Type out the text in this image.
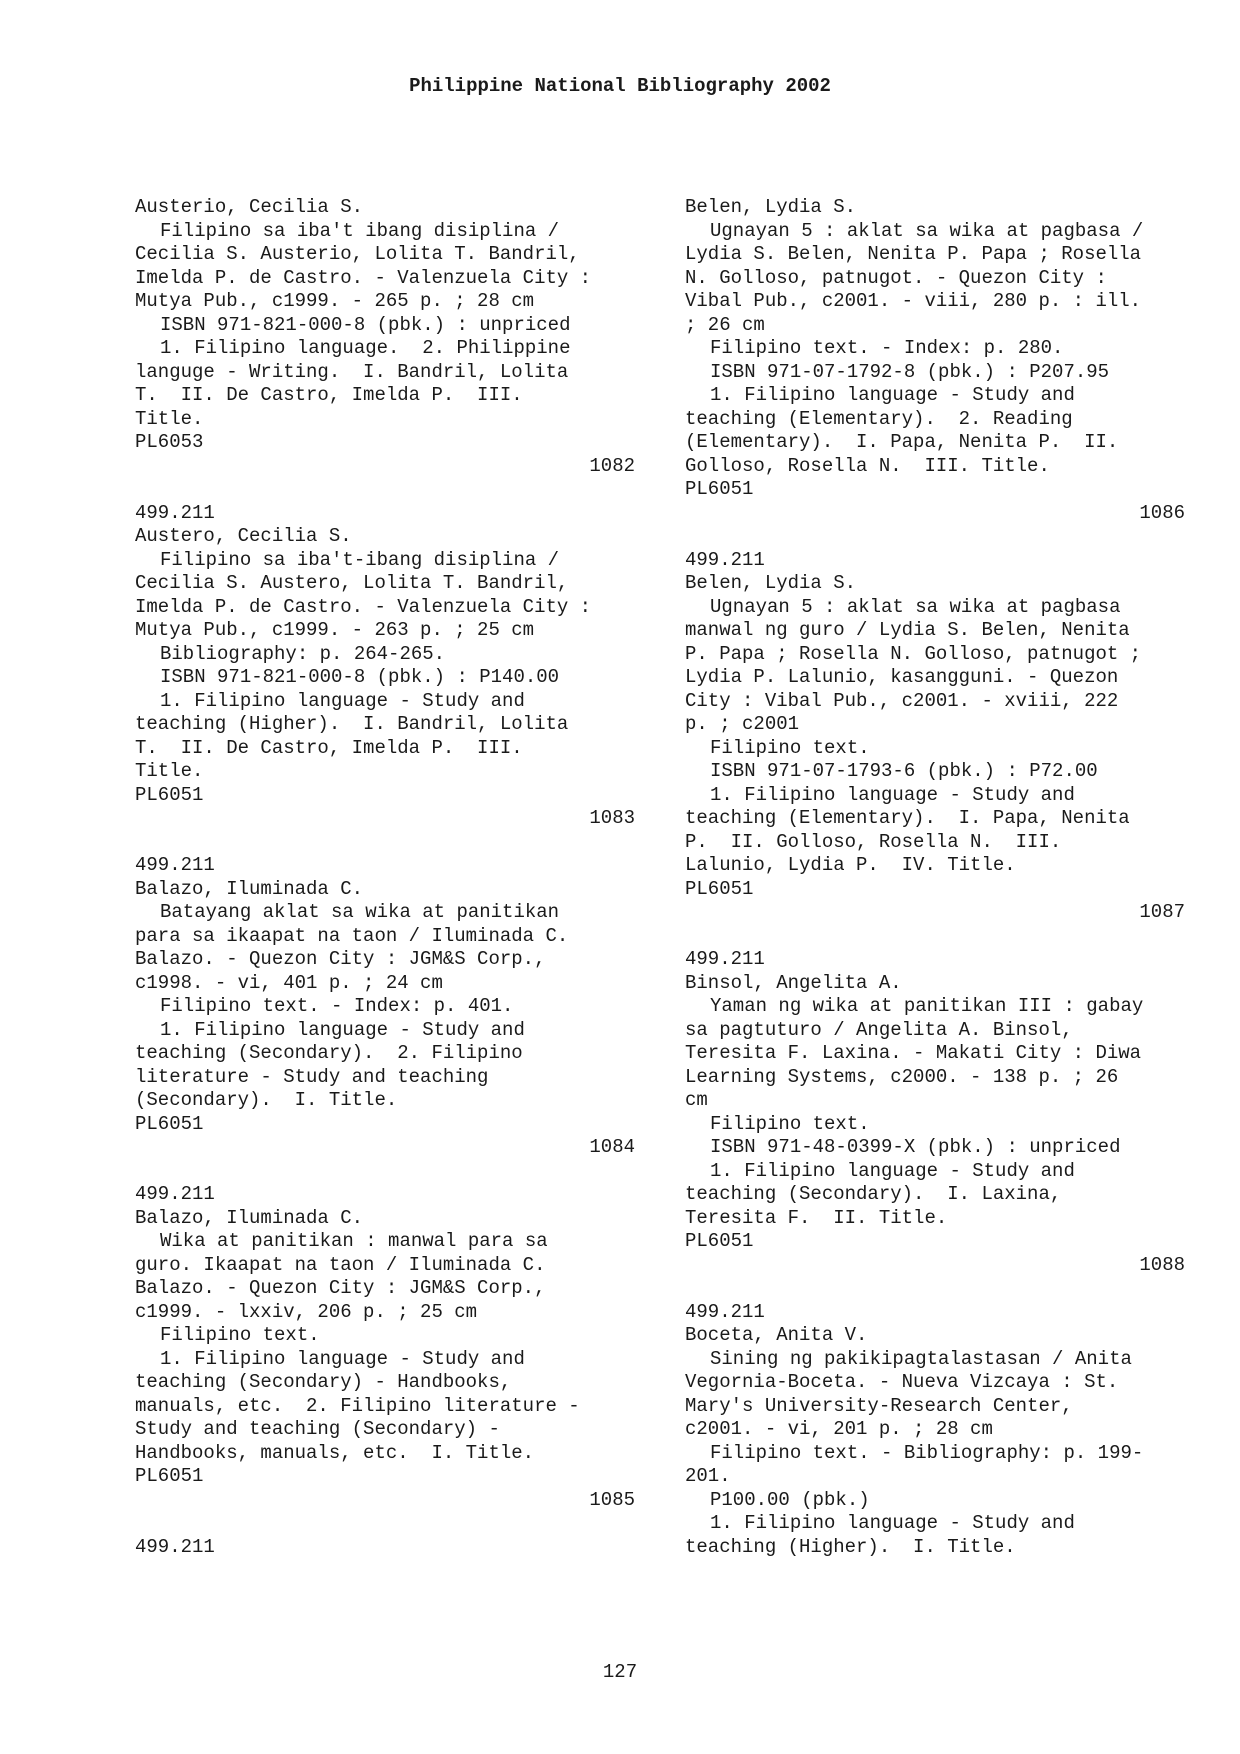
Philippine National Bibliography 2002
Austerio, Cecilia S.
Filipino sa iba't ibang disiplina /
Cecilia S. Austerio, Lolita T. Bandril,
Imelda P. de Castro. - Valenzuela City :
Mutya Pub., c1999. - 265 p. ; 28 cm
ISBN 971-821-000-8 (pbk.) : unpriced
1. Filipino language.  2. Philippine
languge - Writing.  I. Bandril, Lolita
T.  II. De Castro, Imelda P.  III.
Title.
PL6053
1082
499.211
Austero, Cecilia S.
Filipino sa iba't-ibang disiplina /
Cecilia S. Austero, Lolita T. Bandril,
Imelda P. de Castro. - Valenzuela City :
Mutya Pub., c1999. - 263 p. ; 25 cm
Bibliography: p. 264-265.
ISBN 971-821-000-8 (pbk.) : P140.00
1. Filipino language - Study and
teaching (Higher).  I. Bandril, Lolita
T.  II. De Castro, Imelda P.  III.
Title.
PL6051
1083
499.211
Balazo, Iluminada C.
Batayang aklat sa wika at panitikan
para sa ikaapat na taon / Iluminada C.
Balazo. - Quezon City : JGM&S Corp.,
c1998. - vi, 401 p. ; 24 cm
Filipino text. - Index: p. 401.
1. Filipino language - Study and
teaching (Secondary).  2. Filipino
literature - Study and teaching
(Secondary).  I. Title.
PL6051
1084
499.211
Balazo, Iluminada C.
Wika at panitikan : manwal para sa
guro. Ikaapat na taon / Iluminada C.
Balazo. - Quezon City : JGM&S Corp.,
c1999. - lxxiv, 206 p. ; 25 cm
Filipino text.
1. Filipino language - Study and
teaching (Secondary) - Handbooks,
manuals, etc.  2. Filipino literature -
Study and teaching (Secondary) -
Handbooks, manuals, etc.  I. Title.
PL6051
1085
499.211
Belen, Lydia S.
Ugnayan 5 : aklat sa wika at pagbasa /
Lydia S. Belen, Nenita P. Papa ; Rosella
N. Golloso, patnugot. - Quezon City :
Vibal Pub., c2001. - viii, 280 p. : ill.
; 26 cm
Filipino text. - Index: p. 280.
ISBN 971-07-1792-8 (pbk.) : P207.95
1. Filipino language - Study and
teaching (Elementary).  2. Reading
(Elementary).  I. Papa, Nenita P.  II.
Golloso, Rosella N.  III. Title.
PL6051
1086
499.211
Belen, Lydia S.
Ugnayan 5 : aklat sa wika at pagbasa
manwal ng guro / Lydia S. Belen, Nenita
P. Papa ; Rosella N. Golloso, patnugot ;
Lydia P. Lalunio, kasangguni. - Quezon
City : Vibal Pub., c2001. - xviii, 222
p. ; c2001
Filipino text.
ISBN 971-07-1793-6 (pbk.) : P72.00
1. Filipino language - Study and
teaching (Elementary).  I. Papa, Nenita
P.  II. Golloso, Rosella N.  III.
Lalunio, Lydia P.  IV. Title.
PL6051
1087
499.211
Binsol, Angelita A.
Yaman ng wika at panitikan III : gabay
sa pagtuturo / Angelita A. Binsol,
Teresita F. Laxina. - Makati City : Diwa
Learning Systems, c2000. - 138 p. ; 26
cm
Filipino text.
ISBN 971-48-0399-X (pbk.) : unpriced
1. Filipino language - Study and
teaching (Secondary).  I. Laxina,
Teresita F.  II. Title.
PL6051
1088
499.211
Boceta, Anita V.
Sining ng pakikipagtalastasan / Anita
Vegornia-Boceta. - Nueva Vizcaya : St.
Mary's University-Research Center,
c2001. - vi, 201 p. ; 28 cm
Filipino text. - Bibliography: p. 199-
201.
P100.00 (pbk.)
1. Filipino language - Study and
teaching (Higher).  I. Title.
127
